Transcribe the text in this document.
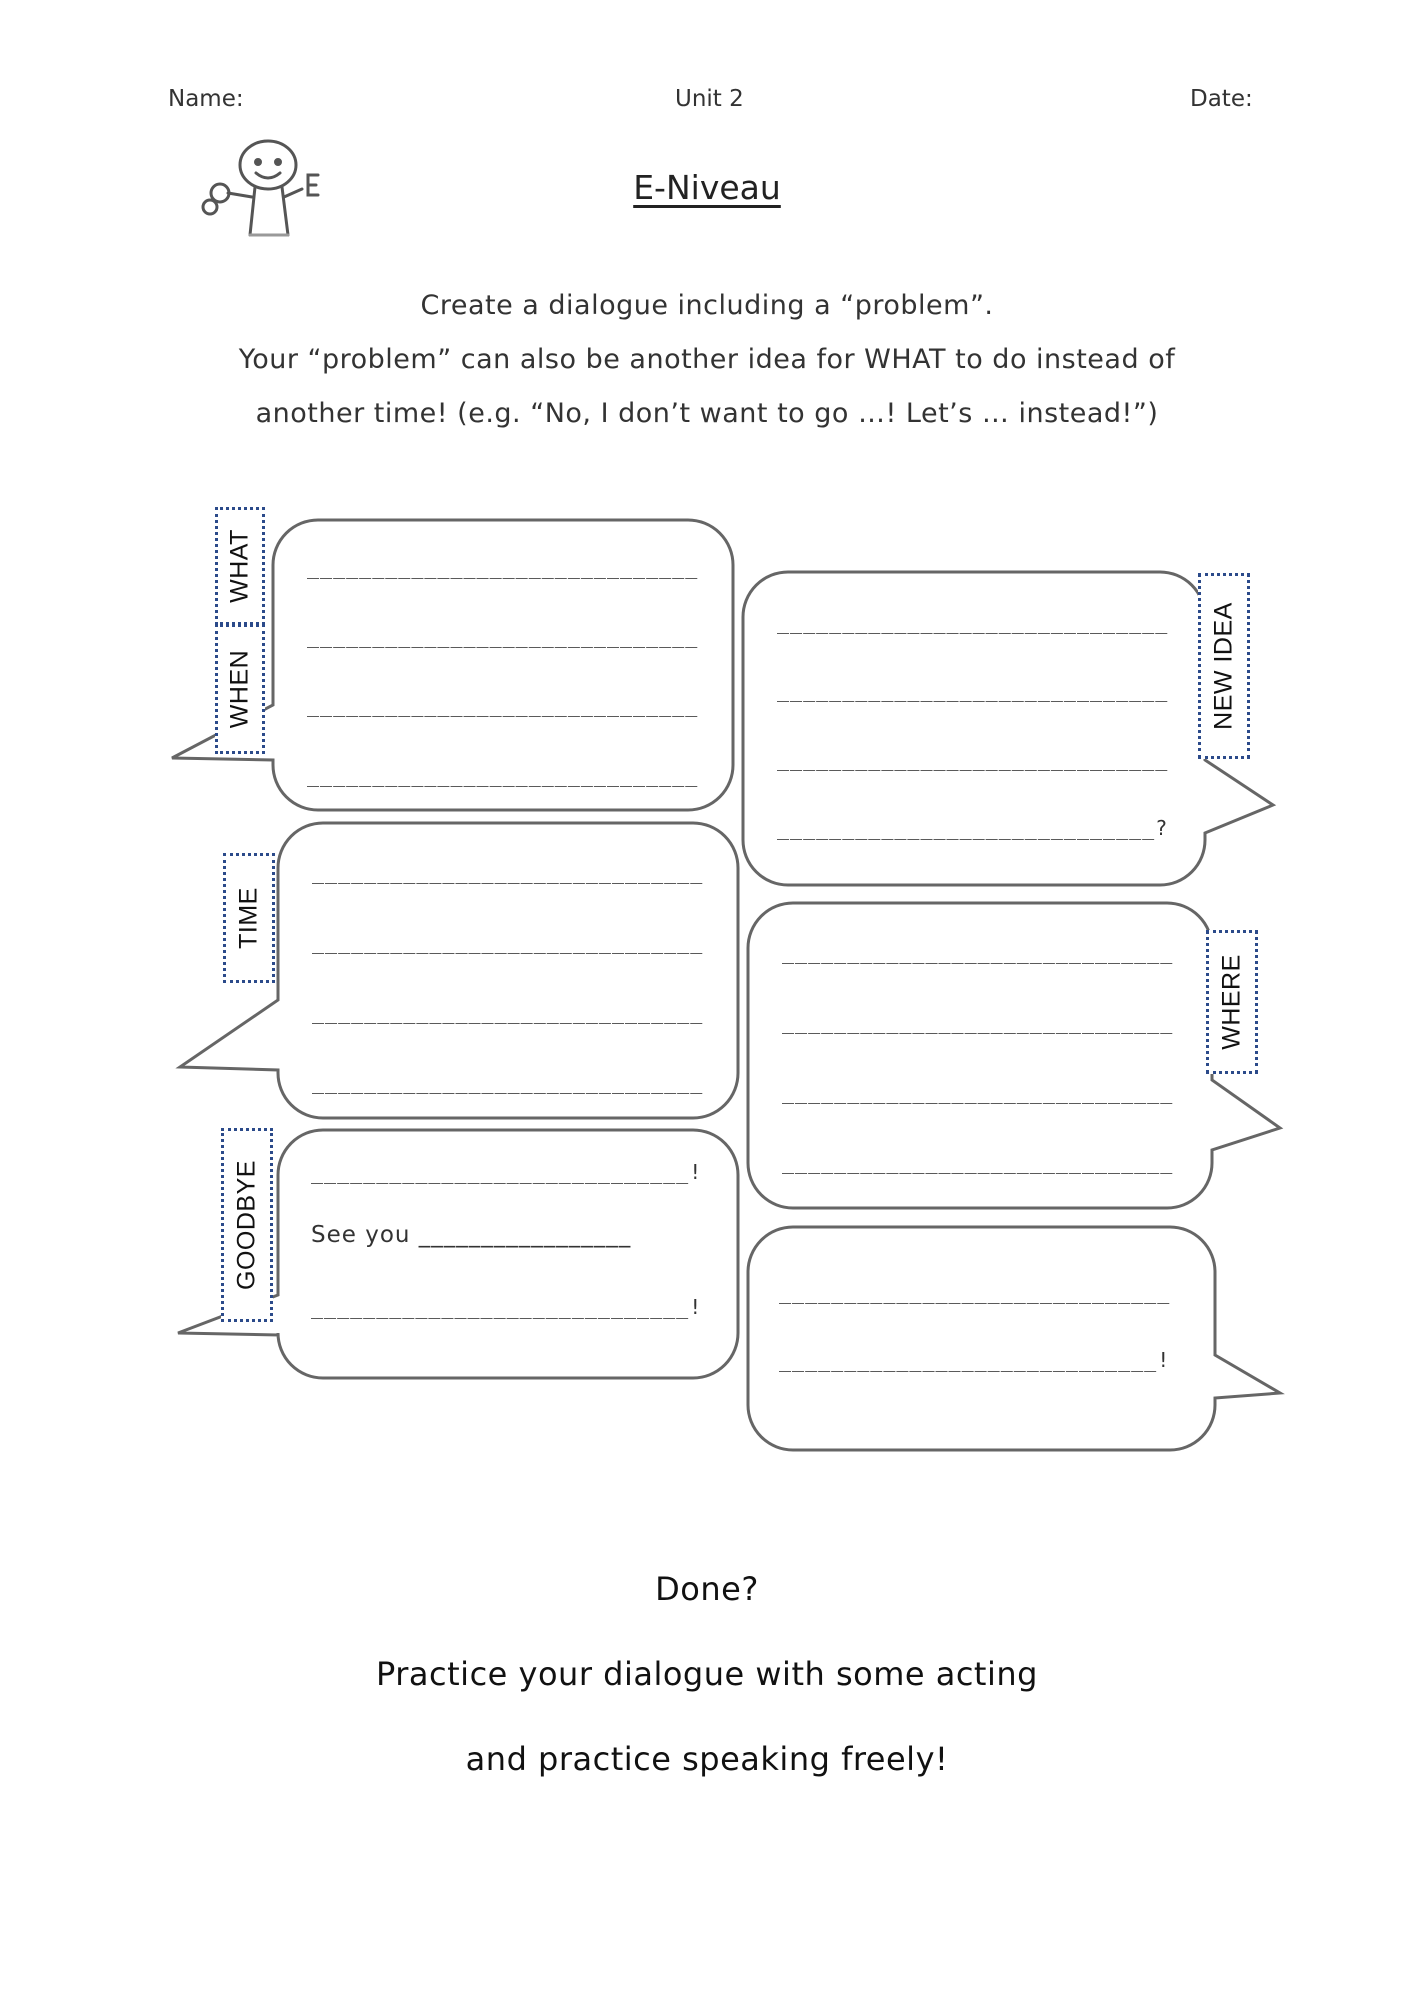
Name:	Unit 2	Date:
E-Niveau
Create a dialogue including a “problem”.
Your “problem” can also be another idea for WHAT to do instead of
another time! (e.g. “No, I don’t want to go …! Let’s … instead!”)
WHAT
WHEN	NEW IDEA
TIME
WHERE
GOODBYE
______________________________
______________________________
______________________________
______________________________
______________________________
______________________________
______________________________
_____________________________?
______________________________
______________________________
______________________________
______________________________
______________________________
______________________________
______________________________
______________________________
_____________________________!
See you _________________
_____________________________!
______________________________
_____________________________!
Done?
Practice your dialogue with some acting
and practice speaking freely!
